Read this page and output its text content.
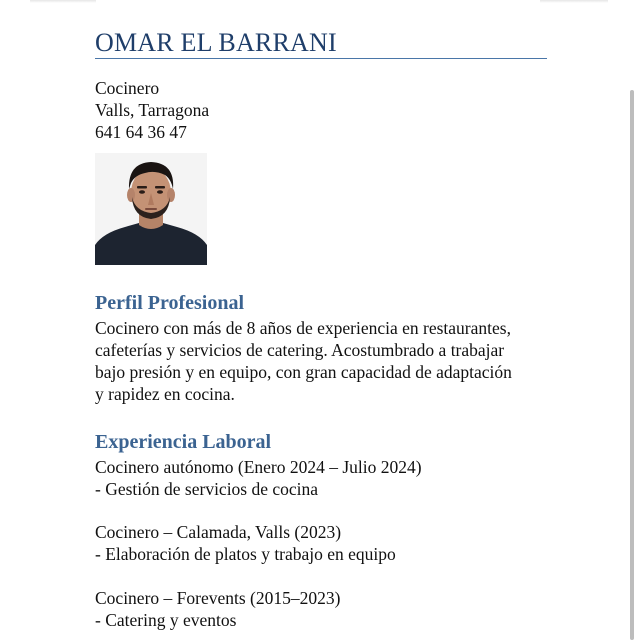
OMAR EL BARRANI
Cocinero
Valls, Tarragona
641 64 36 47
Perfil Profesional
Cocinero con más de 8 años de experiencia en restaurantes,
cafeterías y servicios de catering. Acostumbrado a trabajar
bajo presión y en equipo, con gran capacidad de adaptación
y rapidez en cocina.
Experiencia Laboral
Cocinero autónomo (Enero 2024 – Julio 2024)
- Gestión de servicios de cocina
Cocinero – Calamada, Valls (2023)
- Elaboración de platos y trabajo en equipo
Cocinero – Forevents (2015–2023)
- Catering y eventos
